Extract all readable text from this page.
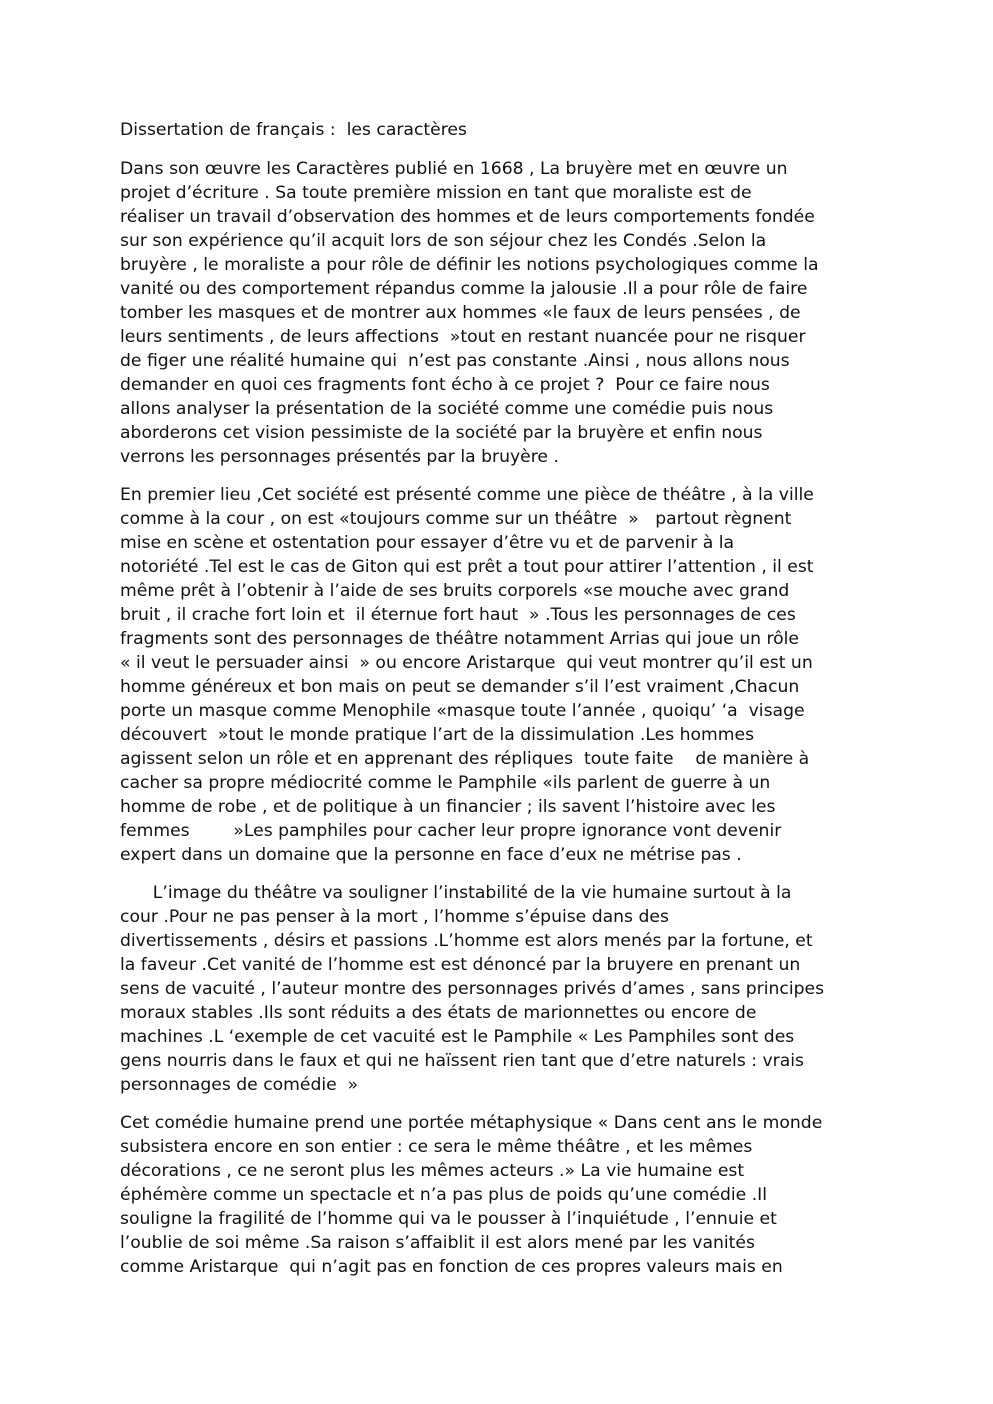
Dissertation de français :  les caractères
Dans son œuvre les Caractères publié en 1668 , La bruyère met en œuvre un
projet d’écriture . Sa toute première mission en tant que moraliste est de
réaliser un travail d’observation des hommes et de leurs comportements fondée
sur son expérience qu’il acquit lors de son séjour chez les Condés .Selon la
bruyère , le moraliste a pour rôle de définir les notions psychologiques comme la
vanité ou des comportement répandus comme la jalousie .Il a pour rôle de faire
tomber les masques et de montrer aux hommes «le faux de leurs pensées , de
leurs sentiments , de leurs affections  »tout en restant nuancée pour ne risquer
de figer une réalité humaine qui  n’est pas constante .Ainsi , nous allons nous
demander en quoi ces fragments font écho à ce projet ?  Pour ce faire nous
allons analyser la présentation de la société comme une comédie puis nous
aborderons cet vision pessimiste de la société par la bruyère et enfin nous
verrons les personnages présentés par la bruyère .
En premier lieu ,Cet société est présenté comme une pièce de théâtre , à la ville
comme à la cour , on est «toujours comme sur un théâtre  »   partout règnent
mise en scène et ostentation pour essayer d’être vu et de parvenir à la
notoriété .Tel est le cas de Giton qui est prêt a tout pour attirer l’attention , il est
même prêt à l’obtenir à l’aide de ses bruits corporels «se mouche avec grand
bruit , il crache fort loin et  il éternue fort haut  » .Tous les personnages de ces
fragments sont des personnages de théâtre notamment Arrias qui joue un rôle
« il veut le persuader ainsi  » ou encore Aristarque  qui veut montrer qu’il est un
homme généreux et bon mais on peut se demander s’il l’est vraiment ,Chacun
porte un masque comme Menophile «masque toute l’année , quoiqu’ ‘a  visage
découvert  »tout le monde pratique l’art de la dissimulation .Les hommes
agissent selon un rôle et en apprenant des répliques  toute faite    de manière à
cacher sa propre médiocrité comme le Pamphile «ils parlent de guerre à un
homme de robe , et de politique à un financier ; ils savent l’histoire avec les
femmes        »Les pamphiles pour cacher leur propre ignorance vont devenir
expert dans un domaine que la personne en face d’eux ne métrise pas .
L’image du théâtre va souligner l’instabilité de la vie humaine surtout à la
cour .Pour ne pas penser à la mort , l’homme s’épuise dans des
divertissements , désirs et passions .L’homme est alors menés par la fortune, et
la faveur .Cet vanité de l’homme est est dénoncé par la bruyere en prenant un
sens de vacuité , l’auteur montre des personnages privés d’ames , sans principes
moraux stables .Ils sont réduits a des états de marionnettes ou encore de
machines .L ‘exemple de cet vacuité est le Pamphile « Les Pamphiles sont des
gens nourris dans le faux et qui ne haïssent rien tant que d’etre naturels : vrais
personnages de comédie  »
Cet comédie humaine prend une portée métaphysique « Dans cent ans le monde
subsistera encore en son entier : ce sera le même théâtre , et les mêmes
décorations , ce ne seront plus les mêmes acteurs .» La vie humaine est
éphémère comme un spectacle et n’a pas plus de poids qu’une comédie .Il
souligne la fragilité de l’homme qui va le pousser à l’inquiétude , l’ennuie et
l’oublie de soi même .Sa raison s’affaiblit il est alors mené par les vanités
comme Aristarque  qui n’agit pas en fonction de ces propres valeurs mais en
